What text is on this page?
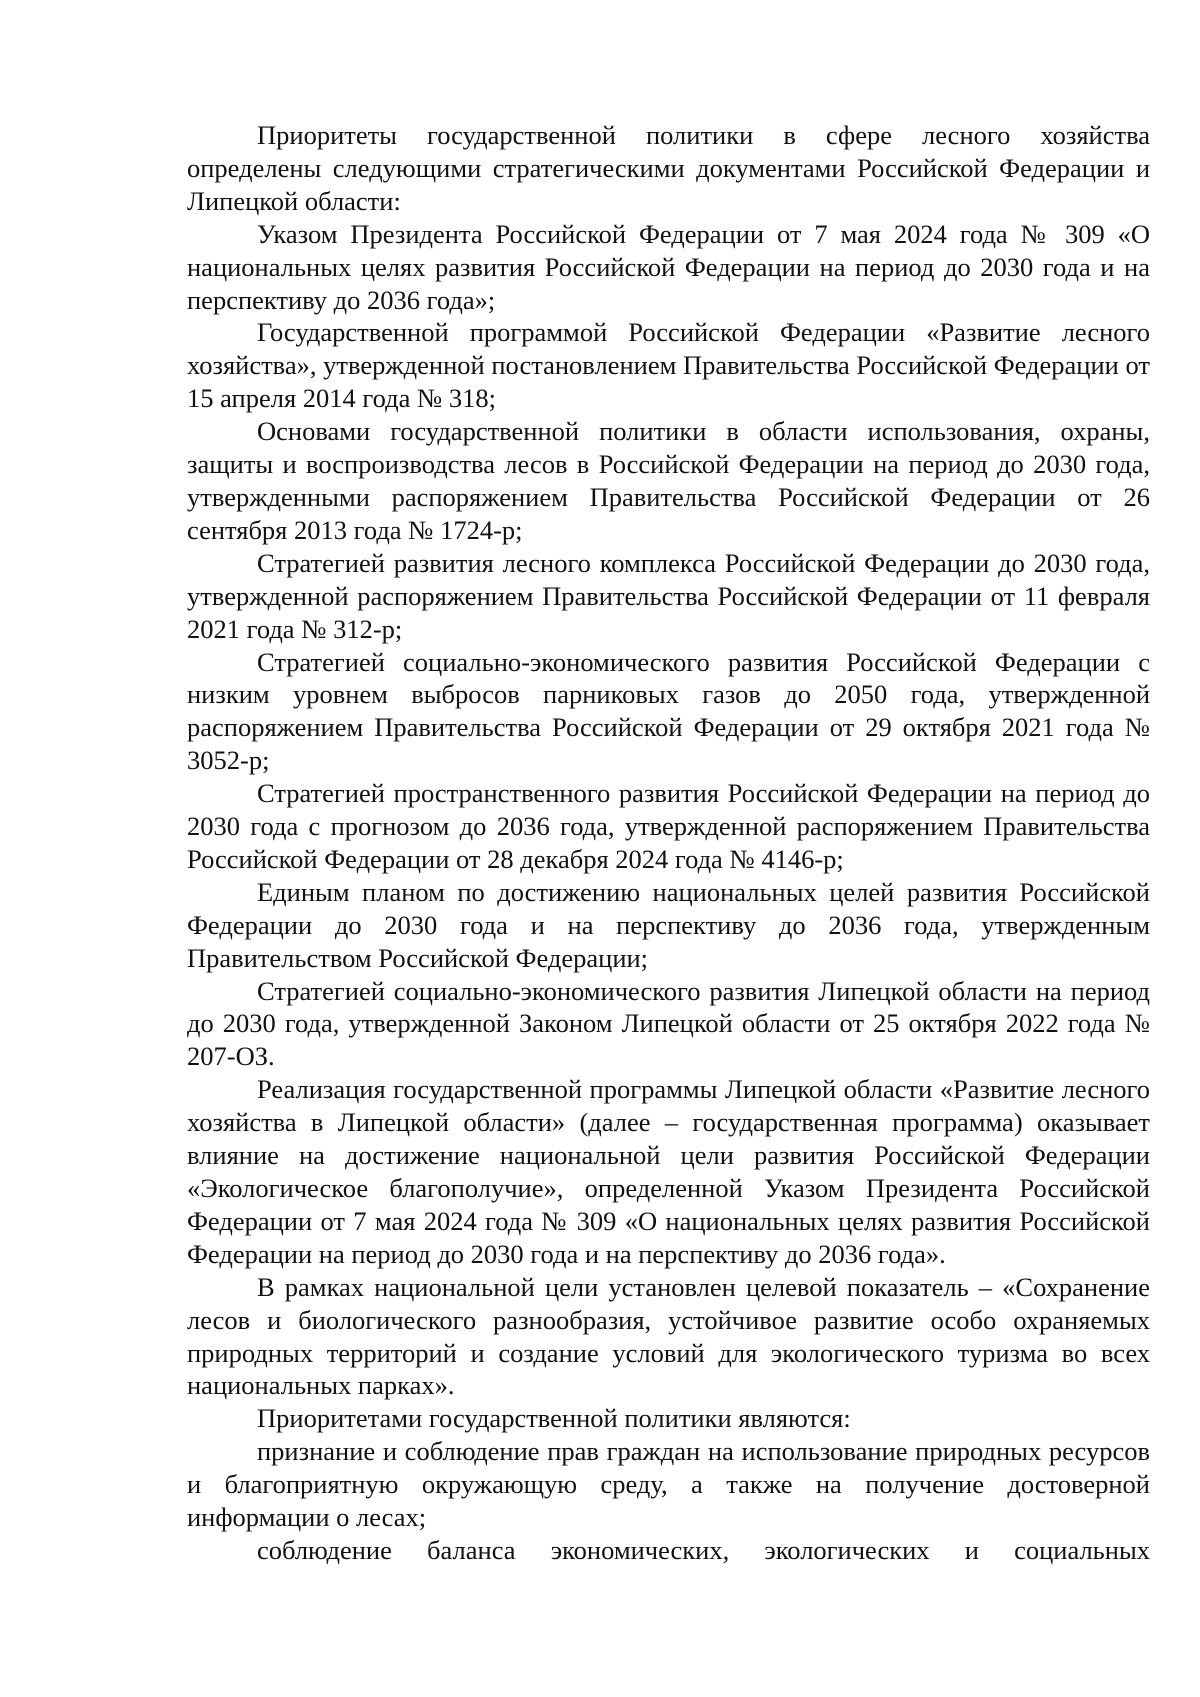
Приоритеты государственной политики в сфере лесного хозяйства определены следующими стратегическими документами Российской Федерации и Липецкой области:

Указом Президента Российской Федерации от 7 мая 2024 года № 309 «О национальных целях развития Российской Федерации на период до 2030 года и на перспективу до 2036 года»;

Государственной программой Российской Федерации «Развитие лесного хозяйства», утвержденной постановлением Правительства Российской Федерации от 15 апреля 2014 года № 318;

Основами государственной политики в области использования, охраны, защиты и воспроизводства лесов в Российской Федерации на период до 2030 года, утвержденными распоряжением Правительства Российской Федерации от 26 сентября 2013 года № 1724-р;

Стратегией развития лесного комплекса Российской Федерации до 2030 года, утвержденной распоряжением Правительства Российской Федерации от 11 февраля 2021 года № 312-р;

Стратегией социально-экономического развития Российской Федерации с низким уровнем выбросов парниковых газов до 2050 года, утвержденной распоряжением Правительства Российской Федерации от 29 октября 2021 года № 3052-р;

Стратегией пространственного развития Российской Федерации на период до 2030 года с прогнозом до 2036 года, утвержденной распоряжением Правительства Российской Федерации от 28 декабря 2024 года № 4146-р;

Единым планом по достижению национальных целей развития Российской Федерации до 2030 года и на перспективу до 2036 года, утвержденным Правительством Российской Федерации;

Стратегией социально-экономического развития Липецкой области на период до 2030 года, утвержденной Законом Липецкой области от 25 октября 2022 года № 207-ОЗ.

Реализация государственной программы Липецкой области «Развитие лесного хозяйства в Липецкой области» (далее – государственная программа) оказывает влияние на достижение национальной цели развития Российской Федерации «Экологическое благополучие», определенной Указом Президента Российской Федерации от 7 мая 2024 года № 309 «О национальных целях развития Российской Федерации на период до 2030 года и на перспективу до 2036 года».

В рамках национальной цели установлен целевой показатель – «Сохранение лесов и биологического разнообразия, устойчивое развитие особо охраняемых природных территорий и создание условий для экологического туризма во всех национальных парках».

Приоритетами государственной политики являются:

признание и соблюдение прав граждан на использование природных ресурсов и благоприятную окружающую среду, а также на получение достоверной информации о лесах;

соблюдение баланса экономических, экологических и социальных
